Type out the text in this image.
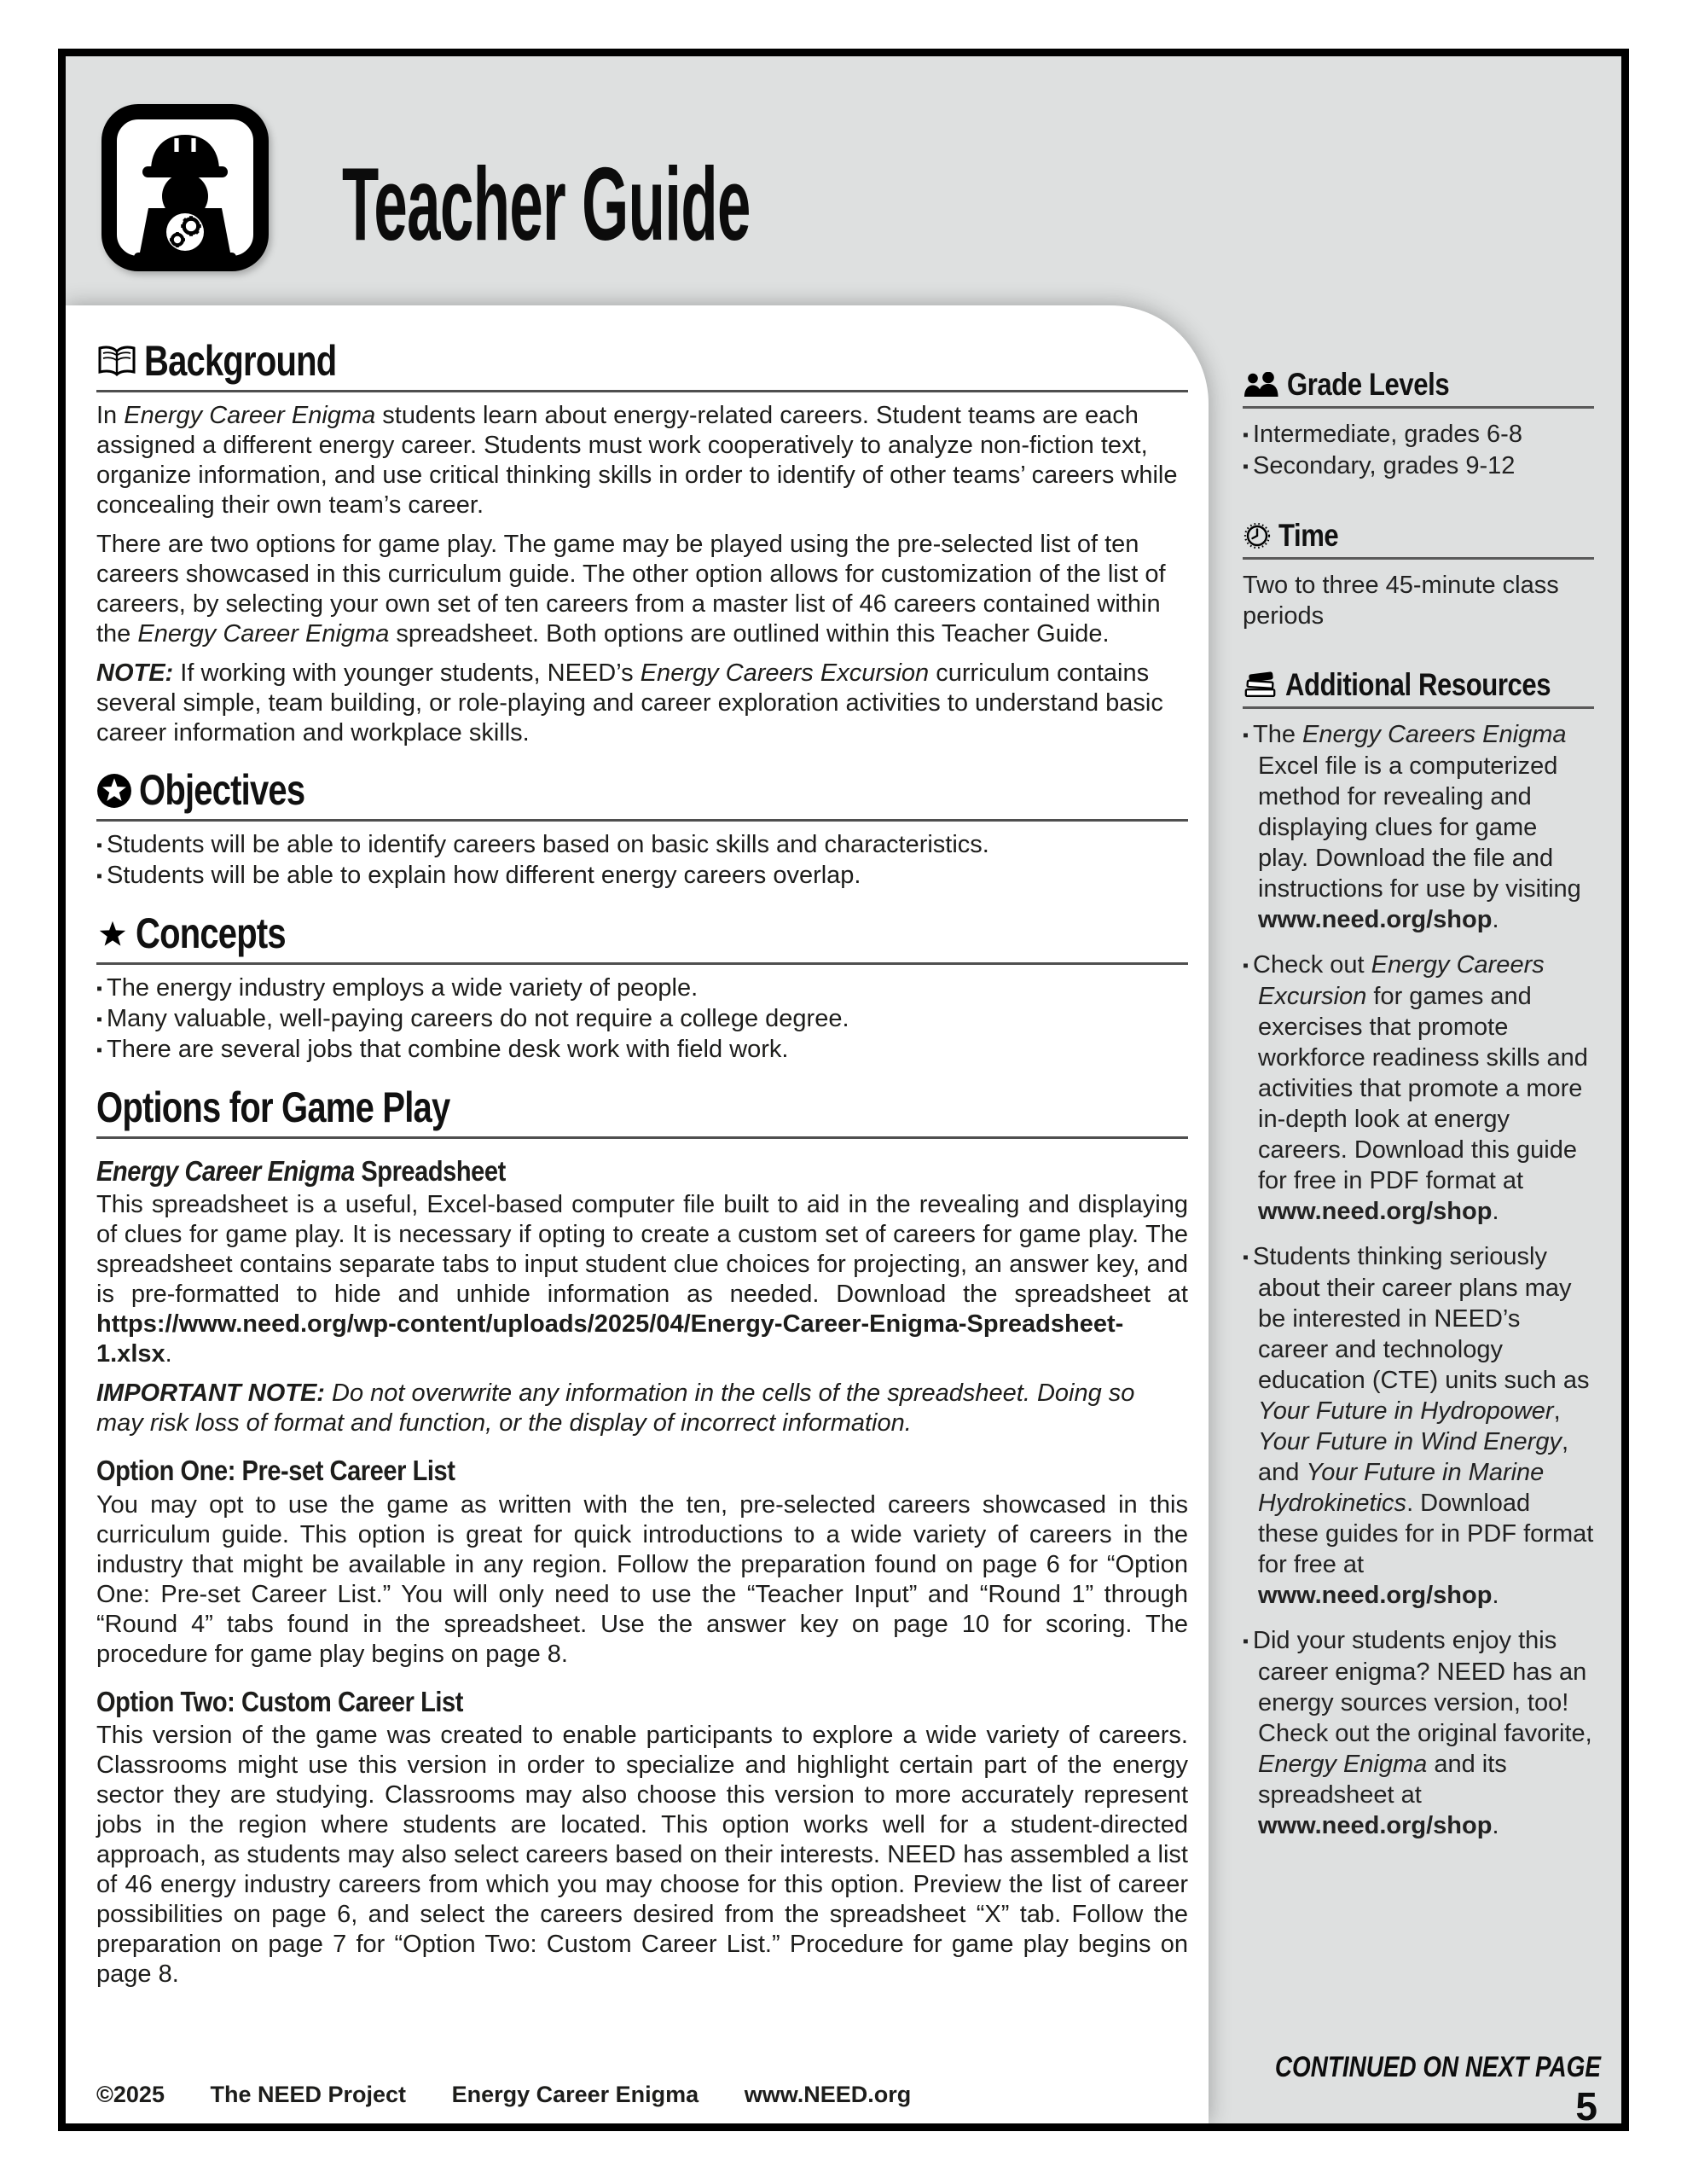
Teacher Guide
Background

In Energy Career Enigma students learn about energy-related careers. Student teams are each assigned a different energy career. Students must work cooperatively to analyze non-fiction text, organize information, and use critical thinking skills in order to identify of other teams’ careers while concealing their own team’s career.

There are two options for game play. The game may be played using the pre-selected list of ten careers showcased in this curriculum guide. The other option allows for customization of the list of careers, by selecting your own set of ten careers from a master list of 46 careers contained within the Energy Career Enigma spreadsheet. Both options are outlined within this Teacher Guide.

NOTE: If working with younger students, NEED’s Energy Careers Excursion curriculum contains several simple, team building, or role-playing and career exploration activities to understand basic career information and workplace skills.

Objectives
▪ Students will be able to identify careers based on basic skills and characteristics.
▪ Students will be able to explain how different energy careers overlap.
Concepts
▪ The energy industry employs a wide variety of people.
▪ Many valuable, well-paying careers do not require a college degree.
▪ There are several jobs that combine desk work with field work.
Options for Game Play
Energy Career Enigma Spreadsheet

This spreadsheet is a useful, Excel-based computer file built to aid in the revealing and displaying of clues for game play. It is necessary if opting to create a custom set of careers for game play. The spreadsheet contains separate tabs to input student clue choices for projecting, an answer key, and is pre-formatted to hide and unhide information as needed. Download the spreadsheet at https://www.need.org/wp-content/uploads/2025/04/Energy-Career-Enigma-Spreadsheet-1.xlsx.

IMPORTANT NOTE: Do not overwrite any information in the cells of the spreadsheet. Doing so may risk loss of format and function, or the display of incorrect information.

Option One: Pre-set Career List

You may opt to use the game as written with the ten, pre-selected careers showcased in this curriculum guide. This option is great for quick introductions to a wide variety of careers in the industry that might be available in any region. Follow the preparation found on page 6 for “Option One: Pre-set Career List.” You will only need to use the “Teacher Input” and “Round 1” through “Round 4” tabs found in the spreadsheet. Use the answer key on page 10 for scoring. The procedure for game play begins on page 8.

Option Two: Custom Career List

This version of the game was created to enable participants to explore a wide variety of careers. Classrooms might use this version in order to specialize and highlight certain part of the energy sector they are studying. Classrooms may also choose this version to more accurately represent jobs in the region where students are located. This option works well for a student-directed approach, as students may also select careers based on their interests. NEED has assembled a list of 46 energy industry careers from which you may choose for this option. Preview the list of career possibilities on page 6, and select the careers desired from the spreadsheet “X” tab. Follow the preparation on page 7 for “Option Two: Custom Career List.” Procedure for game play begins on page 8.

©2025 The NEED Project Energy Career Enigma www.NEED.org
Grade Levels
▪ Intermediate, grades 6-8
▪ Secondary, grades 9-12
Time
Two to three 45-minute class periods
Additional Resources
▪ The Energy Careers Enigma Excel file is a computerized method for revealing and displaying clues for game play. Download the file and instructions for use by visiting www.need.org/shop.
▪ Check out Energy Careers Excursion for games and exercises that promote workforce readiness skills and activities that promote a more in-depth look at energy careers. Download this guide for free in PDF format at www.need.org/shop.
▪ Students thinking seriously about their career plans may be interested in NEED’s career and technology education (CTE) units such as Your Future in Hydropower, Your Future in Wind Energy, and Your Future in Marine Hydrokinetics. Download these guides for in PDF format for free at www.need.org/shop.
▪ Did your students enjoy this career enigma? NEED has an energy sources version, too! Check out the original favorite, Energy Enigma and its spreadsheet at www.need.org/shop.
CONTINUED ON NEXT PAGE
5
